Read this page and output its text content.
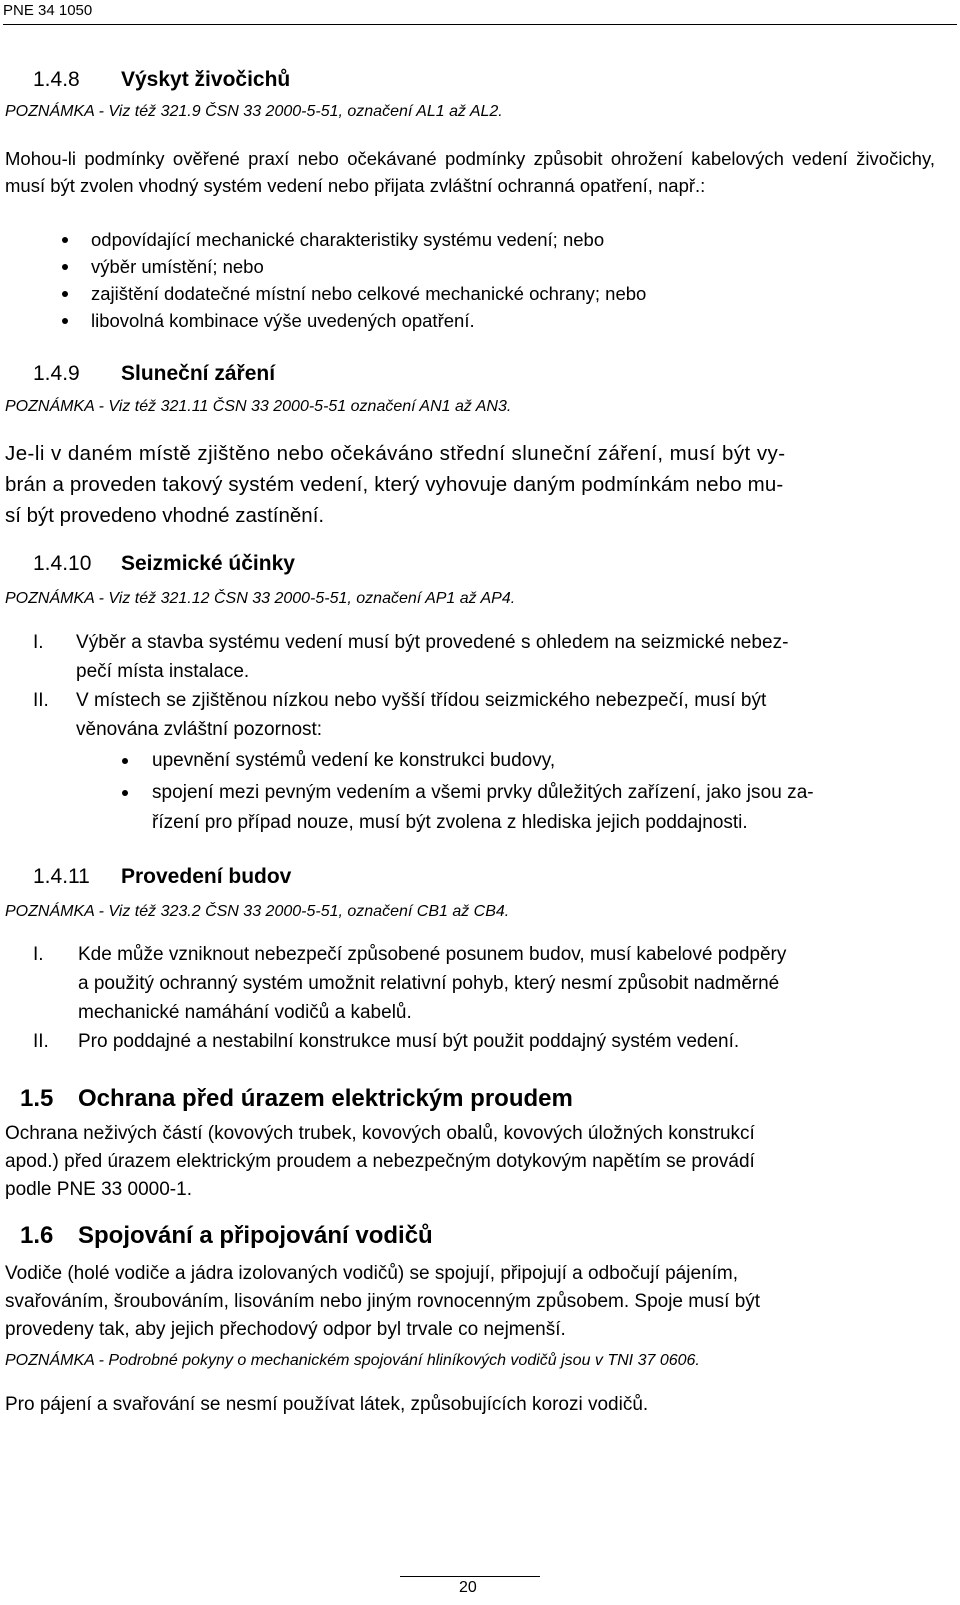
PNE 34 1050
1.4.8 Výskyt živočichů
POZNÁMKA - Viz též 321.9 ČSN 33 2000-5-51, označení AL1 až AL2.
Mohou-li podmínky ověřené praxí nebo očekávané podmínky způsobit ohrožení kabelových vedení živočichy, musí být zvolen vhodný systém vedení nebo přijata zvláštní ochranná opatření, např.:
odpovídající mechanické charakteristiky systému vedení; nebo
výběr umístění; nebo
zajištění dodatečné místní nebo celkové mechanické ochrany; nebo
libovolná kombinace výše uvedených opatření.
1.4.9 Sluneční záření
POZNÁMKA - Viz též 321.11 ČSN 33 2000-5-51 označení AN1 až AN3.
Je-li v daném místě zjištěno nebo očekáváno střední sluneční záření, musí být vy-
brán a proveden takový systém vedení, který vyhovuje daným podmínkám nebo mu-
sí být provedeno vhodné zastínění.
1.4.10 Seizmické účinky
POZNÁMKA - Viz též 321.12 ČSN 33 2000-5-51, označení AP1 až AP4.
I. Výběr a stavba systému vedení musí být provedené s ohledem na seizmické nebez-
pečí místa instalace.
II. V místech se zjištěnou nízkou nebo vyšší třídou seizmického nebezpečí, musí být
věnována zvláštní pozornost:
upevnění systémů vedení ke konstrukci budovy,
spojení mezi pevným vedením a všemi prvky důležitých zařízení, jako jsou za-
řízení pro případ nouze, musí být zvolena z hlediska jejich poddajnosti.
1.4.11 Provedení budov
POZNÁMKA - Viz též 323.2 ČSN 33 2000-5-51, označení CB1 až CB4.
I. Kde může vzniknout nebezpečí způsobené posunem budov, musí kabelové podpěry
a použitý ochranný systém umožnit relativní pohyb, který nesmí způsobit nadměrné
mechanické namáhání vodičů a kabelů.
II. Pro poddajné a nestabilní konstrukce musí být použit poddajný systém vedení.
1.5 Ochrana před úrazem elektrickým proudem
Ochrana neživých částí (kovových trubek, kovových obalů, kovových úložných konstrukcí
apod.) před úrazem elektrickým proudem a nebezpečným dotykovým napětím se provádí
podle PNE 33 0000-1.
1.6 Spojování a připojování vodičů
Vodiče (holé vodiče a jádra izolovaných vodičů) se spojují, připojují a odbočují pájením,
svařováním, šroubováním, lisováním nebo jiným rovnocenným způsobem. Spoje musí být
provedeny tak, aby jejich přechodový odpor byl trvale co nejmenší.
POZNÁMKA - Podrobné pokyny o mechanickém spojování hliníkových vodičů jsou v TNI 37 0606.
Pro pájení a svařování se nesmí používat látek, způsobujících korozi vodičů.
20
